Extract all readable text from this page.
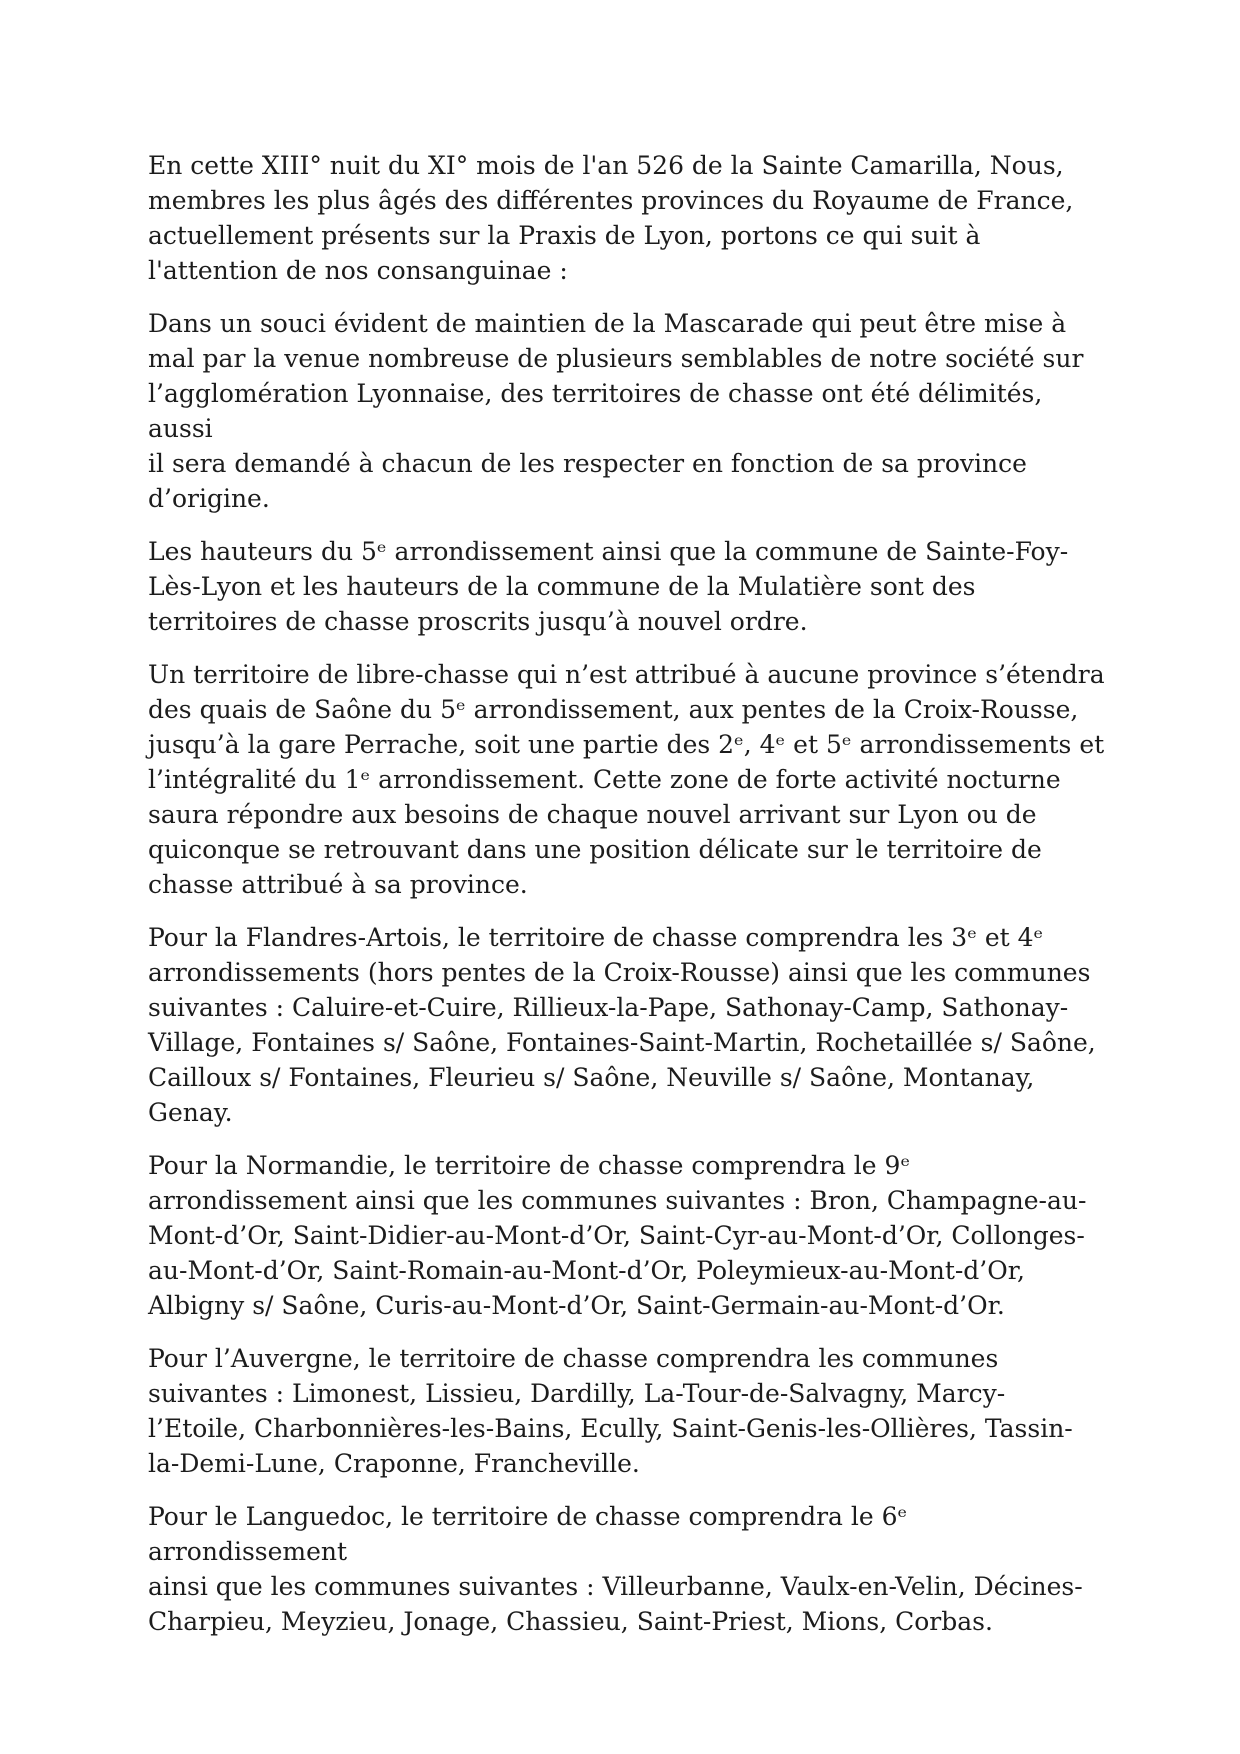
En cette XIII° nuit du XI° mois de l'an 526 de la Sainte Camarilla, Nous,
membres les plus âgés des différentes provinces du Royaume de France,
actuellement présents sur la Praxis de Lyon, portons ce qui suit à
l'attention de nos consanguinae :

Dans un souci évident de maintien de la Mascarade qui peut être mise à
mal par la venue nombreuse de plusieurs semblables de notre société sur
l’agglomération Lyonnaise, des territoires de chasse ont été délimités, aussi
il sera demandé à chacun de les respecter en fonction de sa province
d’origine.

Les hauteurs du 5ᵉ arrondissement ainsi que la commune de Sainte-Foy-
Lès-Lyon et les hauteurs de la commune de la Mulatière sont des
territoires de chasse proscrits jusqu’à nouvel ordre.

Un territoire de libre-chasse qui n’est attribué à aucune province s’étendra
des quais de Saône du 5ᵉ arrondissement, aux pentes de la Croix-Rousse,
jusqu’à la gare Perrache, soit une partie des 2ᵉ, 4ᵉ et 5ᵉ arrondissements et
l’intégralité du 1ᵉ arrondissement. Cette zone de forte activité nocturne
saura répondre aux besoins de chaque nouvel arrivant sur Lyon ou de
quiconque se retrouvant dans une position délicate sur le territoire de
chasse attribué à sa province.

Pour la Flandres-Artois, le territoire de chasse comprendra les 3ᵉ et 4ᵉ
arrondissements (hors pentes de la Croix-Rousse) ainsi que les communes
suivantes : Caluire-et-Cuire, Rillieux-la-Pape, Sathonay-Camp, Sathonay-
Village, Fontaines s/ Saône, Fontaines-Saint-Martin, Rochetaillée s/ Saône,
Cailloux s/ Fontaines, Fleurieu s/ Saône, Neuville s/ Saône, Montanay,
Genay.

Pour la Normandie, le territoire de chasse comprendra le 9ᵉ
arrondissement ainsi que les communes suivantes : Bron, Champagne-au-
Mont-d’Or, Saint-Didier-au-Mont-d’Or, Saint-Cyr-au-Mont-d’Or, Collonges-
au-Mont-d’Or, Saint-Romain-au-Mont-d’Or, Poleymieux-au-Mont-d’Or,
Albigny s/ Saône, Curis-au-Mont-d’Or, Saint-Germain-au-Mont-d’Or.

Pour l’Auvergne, le territoire de chasse comprendra les communes
suivantes : Limonest, Lissieu, Dardilly, La-Tour-de-Salvagny, Marcy-
l’Etoile, Charbonnières-les-Bains, Ecully, Saint-Genis-les-Ollières, Tassin-
la-Demi-Lune, Craponne, Francheville.

Pour le Languedoc, le territoire de chasse comprendra le 6ᵉ arrondissement
ainsi que les communes suivantes : Villeurbanne, Vaulx-en-Velin, Décines-
Charpieu, Meyzieu, Jonage, Chassieu, Saint-Priest, Mions, Corbas.
